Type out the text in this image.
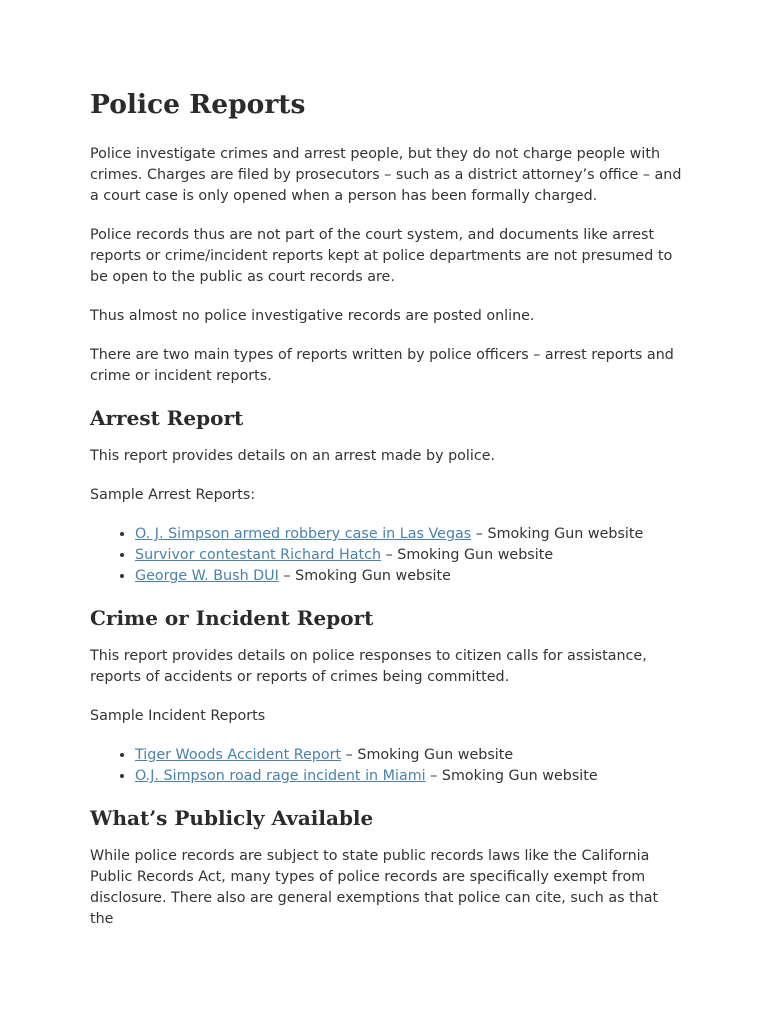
Police Reports

Police investigate crimes and arrest people, but they do not charge people with crimes. Charges are filed by prosecutors – such as a district attorney’s office – and a court case is only opened when a person has been formally charged.

Police records thus are not part of the court system, and documents like arrest reports or crime/incident reports kept at police departments are not presumed to be open to the public as court records are.

Thus almost no police investigative records are posted online.

There are two main types of reports written by police officers – arrest reports and crime or incident reports.

Arrest Report

This report provides details on an arrest made by police.

Sample Arrest Reports:

• O. J. Simpson armed robbery case in Las Vegas – Smoking Gun website
• Survivor contestant Richard Hatch – Smoking Gun website
• George W. Bush DUI – Smoking Gun website
Crime or Incident Report

This report provides details on police responses to citizen calls for assistance, reports of accidents or reports of crimes being committed.

Sample Incident Reports

• Tiger Woods Accident Report – Smoking Gun website
• O.J. Simpson road rage incident in Miami – Smoking Gun website
What’s Publicly Available

While police records are subject to state public records laws like the California Public Records Act, many types of police records are specifically exempt from disclosure. There also are general exemptions that police can cite, such as that the
